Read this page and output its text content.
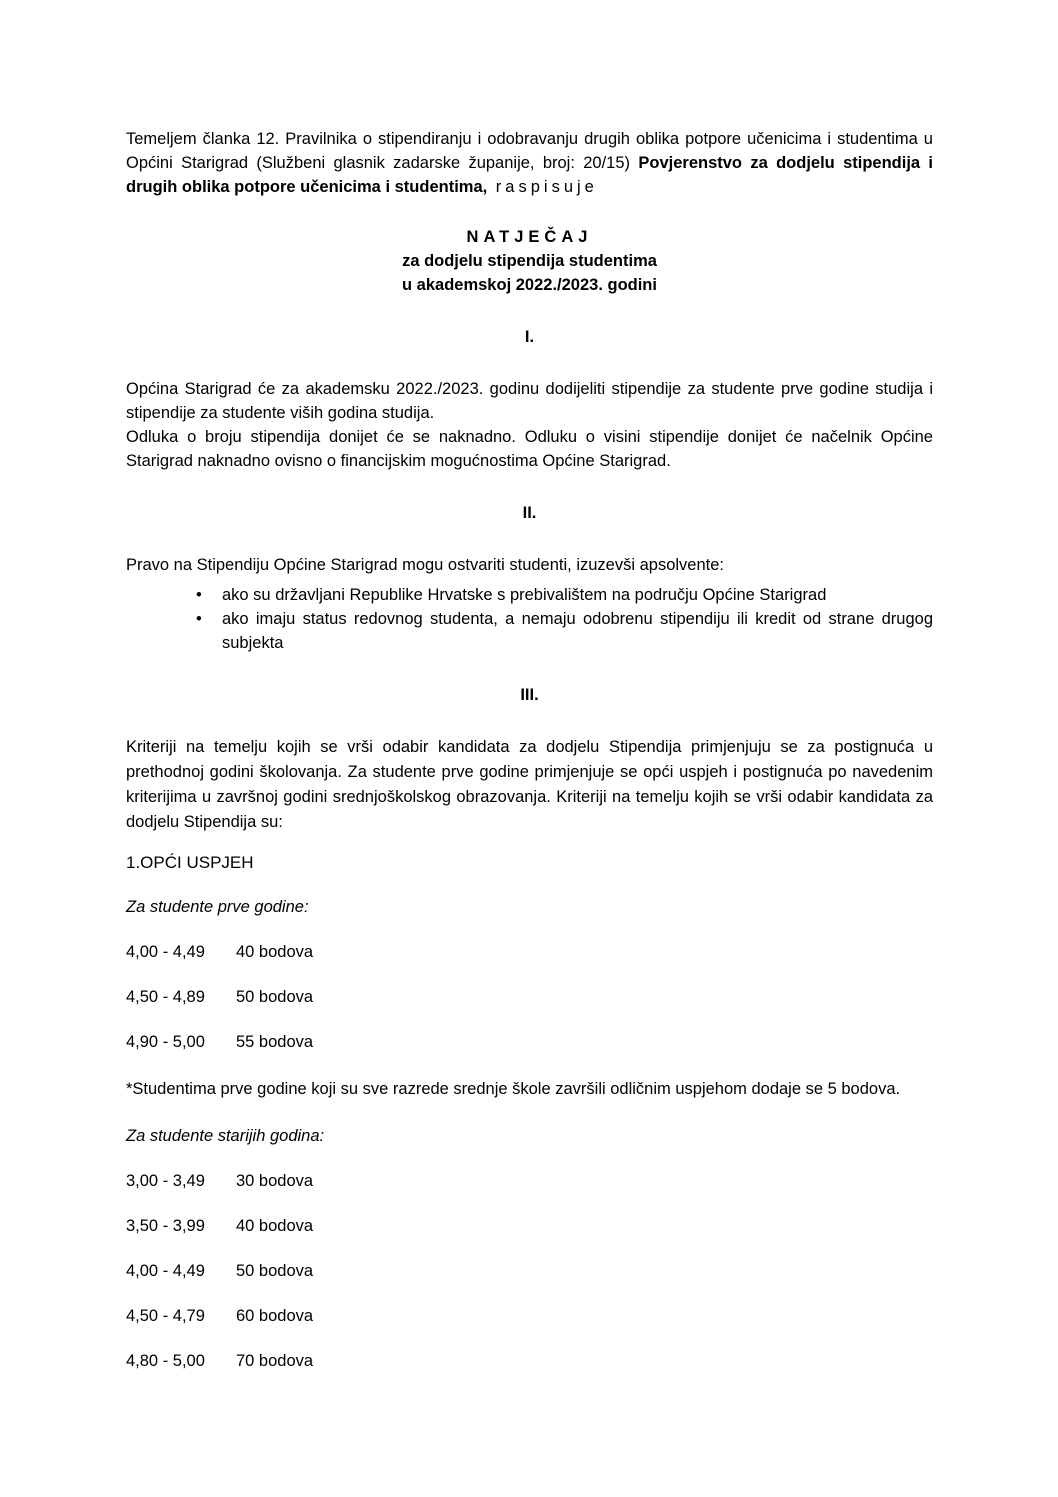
Temeljem članka 12. Pravilnika o stipendiranju i odobravanju drugih oblika potpore učenicima i studentima u Općini Starigrad (Službeni glasnik zadarske županije, broj: 20/15) Povjerenstvo za dodjelu stipendija i drugih oblika potpore učenicima i studentima, raspisuje

NATJEČAJ

za dodjelu stipendija studentima

u akademskoj 2022./2023. godini

I.

Općina Starigrad će za akademsku 2022./2023. godinu dodijeliti stipendije za studente prve godine studija i stipendije za studente viših godina studija.

Odluka o broju stipendija donijet će se naknadno. Odluku o visini stipendije donijet će načelnik Općine Starigrad naknadno ovisno o financijskim mogućnostima Općine Starigrad.

II.

Pravo na Stipendiju Općine Starigrad mogu ostvariti studenti, izuzevši apsolvente:

• ako su državljani Republike Hrvatske s prebivalištem na području Općine Starigrad
• ako imaju status redovnog studenta, a nemaju odobrenu stipendiju ili kredit od strane drugog subjekta

III.

Kriteriji na temelju kojih se vrši odabir kandidata za dodjelu Stipendija primjenjuju se za postignuća u prethodnoj godini školovanja. Za studente prve godine primjenjuje se opći uspjeh i postignuća po navedenim kriterijima u završnoj godini srednjoškolskog obrazovanja. Kriteriji na temelju kojih se vrši odabir kandidata za dodjelu Stipendija su:

1.OPĆI USPJEH

Za studente prve godine:

4,00 - 4,49	40 bodova
4,50 - 4,89	50 bodova
4,90 - 5,00	55 bodova

*Studentima prve godine koji su sve razrede srednje škole završili odličnim uspjehom dodaje se 5 bodova.

Za studente starijih godina:

3,00 - 3,49	30 bodova
3,50 - 3,99	40 bodova
4,00 - 4,49	50 bodova
4,50 - 4,79	60 bodova
4,80 - 5,00	70 bodova
